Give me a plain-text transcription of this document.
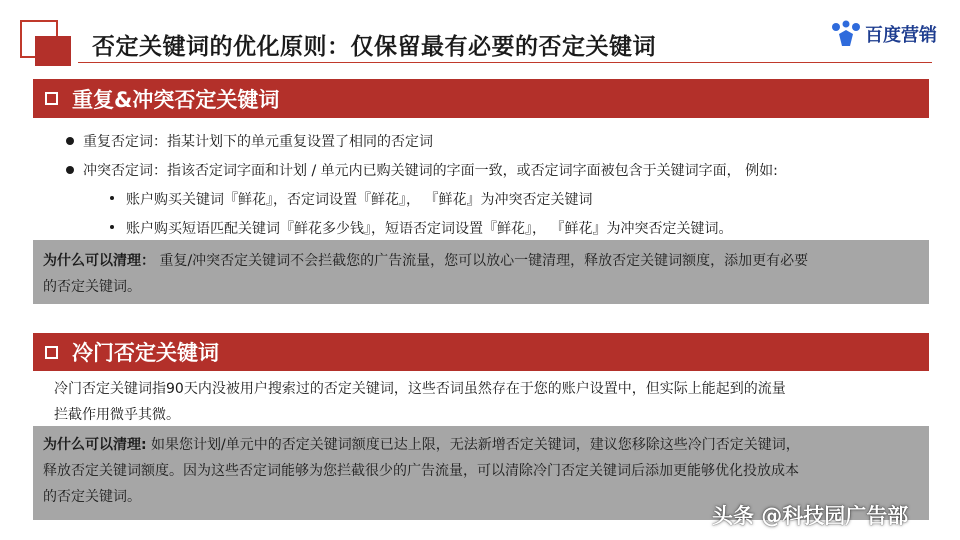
否定关键词的优化原则：仅保留最有必要的否定关键词	百度营销
重复&冲突否定关键词
重复否定词：指某计划下的单元重复设置了相同的否定词
冲突否定词：指该否定词字面和计划 / 单元内已购关键词的字面一致，或否定词字面被包含于关键词字面， 例如:
账户购买关键词『鲜花』，否定词设置『鲜花』， 『鲜花』为冲突否定关键词
账户购买短语匹配关键词『鲜花多少钱』，短语否定词设置『鲜花』， 『鲜花』为冲突否定关键词。
为什么可以清理： 重复/冲突否定关键词不会拦截您的广告流量，您可以放心一键清理，释放否定关键词额度，添加更有必要
的否定关键词。
冷门否定关键词
冷门否定关键词指90天内没被用户搜索过的否定关键词，这些否词虽然存在于您的账户设置中，但实际上能起到的流量
拦截作用微乎其微。
为什么可以清理: 如果您计划/单元中的否定关键词额度已达上限，无法新增否定关键词，建议您移除这些冷门否定关键词，
释放否定关键词额度。因为这些否定词能够为您拦截很少的广告流量，可以清除冷门否定关键词后添加更能够优化投放成本
的否定关键词。
头条 @科技园广告部
